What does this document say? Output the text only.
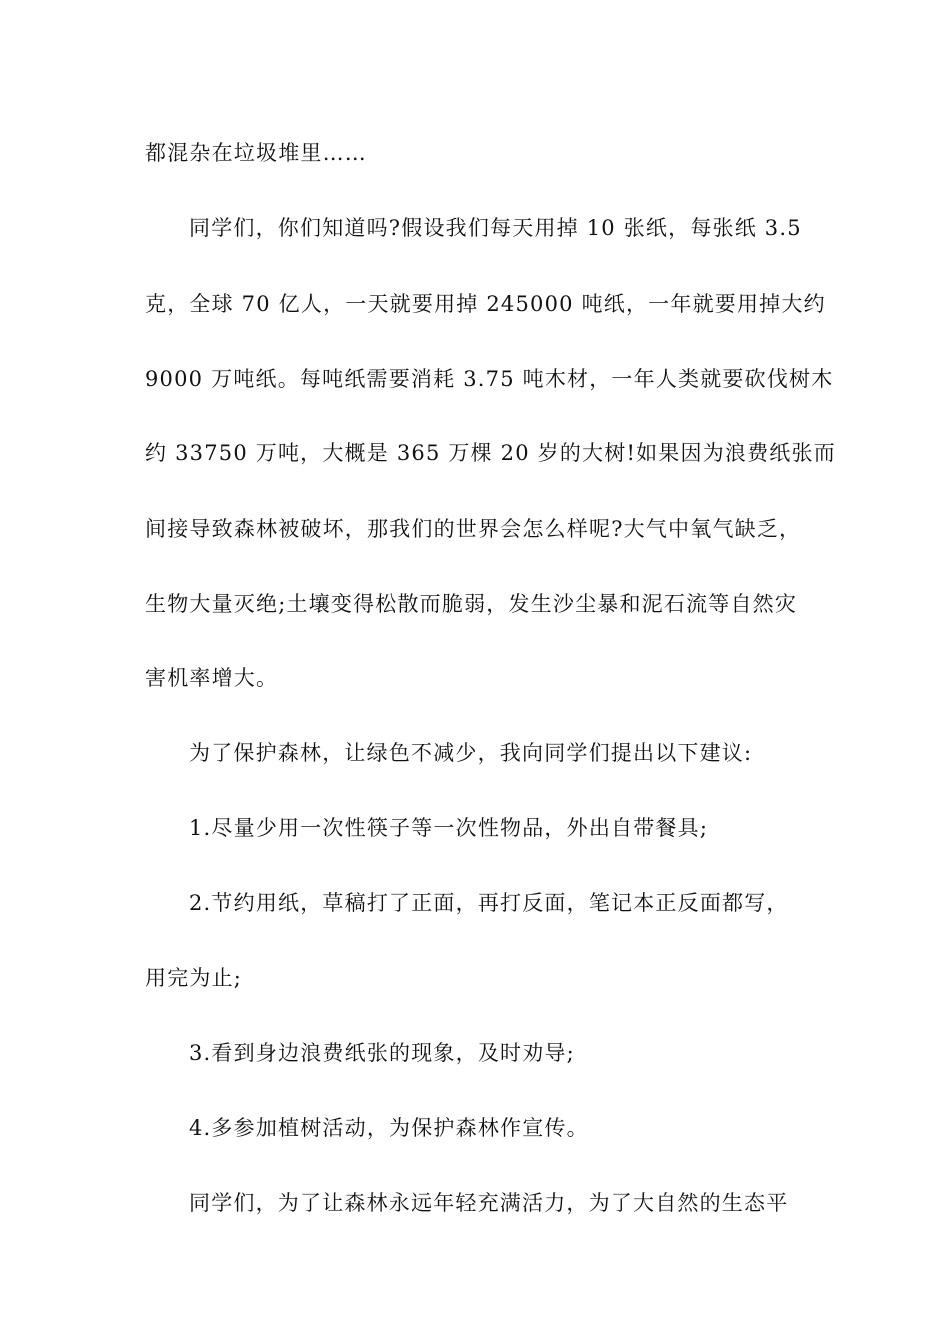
都混杂在垃圾堆里……
同学们，你们知道吗?假设我们每天用掉 10 张纸，每张纸 3.5
克，全球 70 亿人，一天就要用掉 245000 吨纸，一年就要用掉大约
9000 万吨纸。每吨纸需要消耗 3.75 吨木材，一年人类就要砍伐树木
约 33750 万吨，大概是 365 万棵 20 岁的大树!如果因为浪费纸张而
间接导致森林被破坏，那我们的世界会怎么样呢?大气中氧气缺乏，
生物大量灭绝;土壤变得松散而脆弱，发生沙尘暴和泥石流等自然灾
害机率增大。
为了保护森林，让绿色不减少，我向同学们提出以下建议:
1.尽量少用一次性筷子等一次性物品，外出自带餐具;
2.节约用纸，草稿打了正面，再打反面，笔记本正反面都写，
用完为止;
3.看到身边浪费纸张的现象，及时劝导;
4.多参加植树活动，为保护森林作宣传。
同学们，为了让森林永远年轻充满活力，为了大自然的生态平
